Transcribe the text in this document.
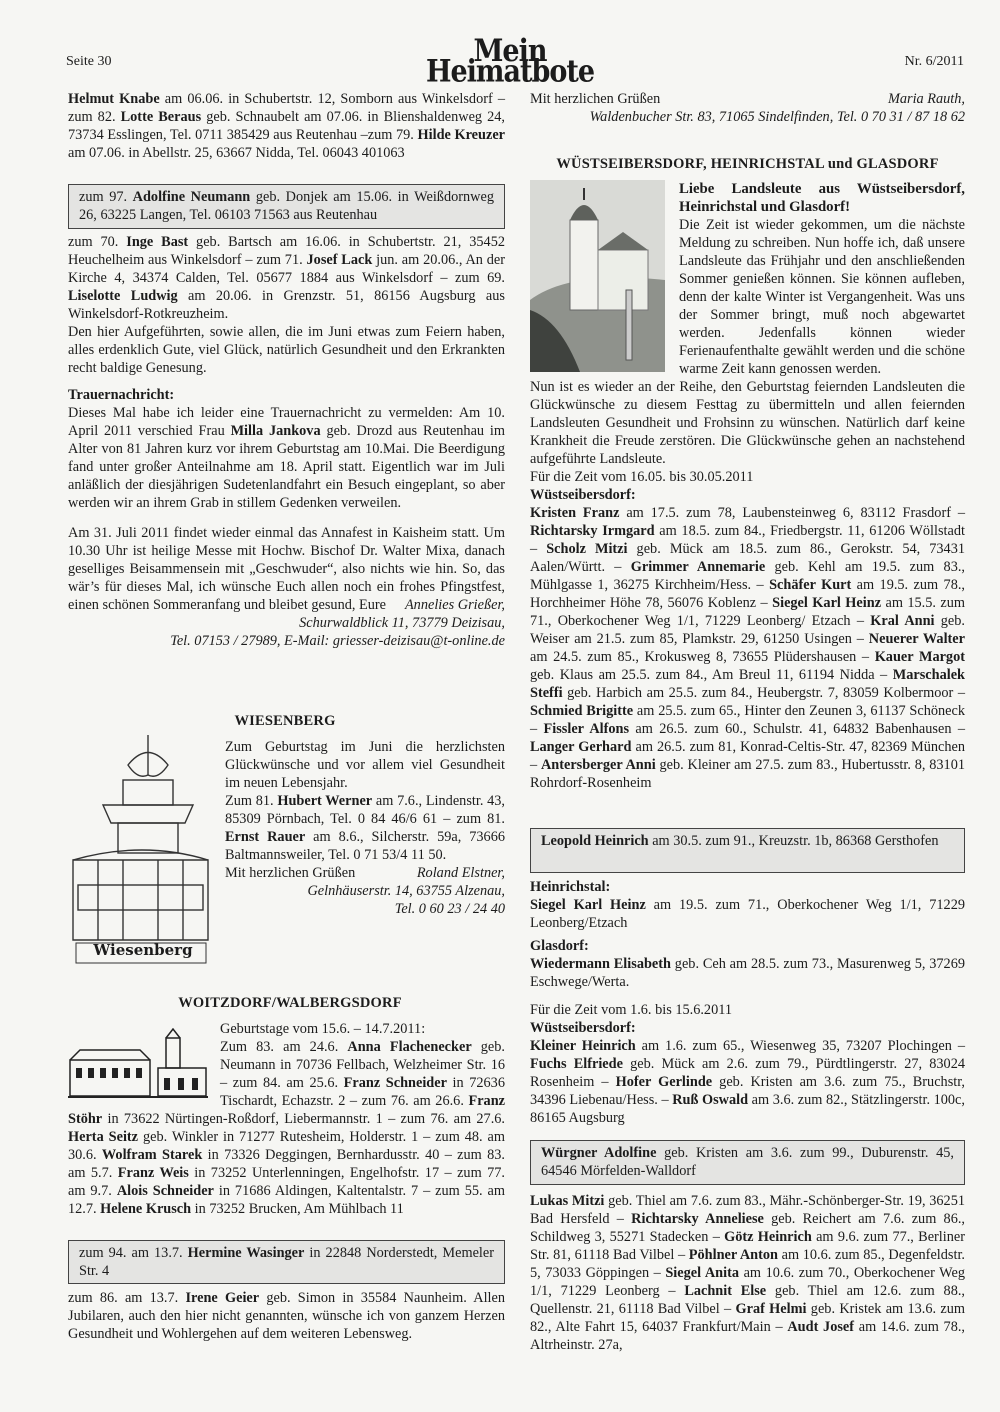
Seite 30	Mein Heimatbote	Nr. 6/2011

Helmut Knabe am 06.06. in Schubertstr. 12, Somborn aus Winkelsdorf – zum 82. Lotte Beraus geb. Schnaubelt am 07.06. in Blienshaldenweg 24, 73734 Esslingen, Tel. 0711 385429 aus Reutenhau –zum 79. Hilde Kreuzer am 07.06. in Abellstr. 25, 63667 Nidda, Tel. 06043 401063

zum 97. Adolfine Neumann geb. Donjek am 15.06. in Weißdornweg 26, 63225 Langen, Tel. 06103 71563 aus Reutenhau

zum 70. Inge Bast geb. Bartsch am 16.06. in Schubertstr. 21, 35452 Heuchelheim aus Winkelsdorf – zum 71. Josef Lack jun. am 20.06., An der Kirche 4, 34374 Calden, Tel. 05677 1884 aus Winkelsdorf – zum 69. Liselotte Ludwig am 20.06. in Grenzstr. 51, 86156 Augsburg aus Winkelsdorf-Rotkreuzheim.

Den hier Aufgeführten, sowie allen, die im Juni etwas zum Feiern haben, alles erdenklich Gute, viel Glück, natürlich Gesundheit und den Erkrankten recht baldige Genesung.

Trauernachricht:

Dieses Mal habe ich leider eine Trauernachricht zu vermelden: Am 10. April 2011 verschied Frau Milla Jankova geb. Drozd aus Reutenhau im Alter von 81 Jahren kurz vor ihrem Geburtstag am 10.Mai. Die Beerdigung fand unter großer Anteilnahme am 18. April statt. Eigentlich war im Juli anläßlich der diesjährigen Sudetenlandfahrt ein Besuch eingeplant, so aber werden wir an ihrem Grab in stillem Gedenken verweilen.

Am 31. Juli 2011 findet wieder einmal das Annafest in Kaisheim statt. Um 10.30 Uhr ist heilige Messe mit Hochw. Bischof Dr. Walter Mixa, danach geselliges Beisammensein mit „Geschwuder“, also nichts wie hin. So, das wär’s für dieses Mal, ich wünsche Euch allen noch ein frohes Pfingstfest, einen schönen Sommeranfang und bleibet gesund, Eure Annelies Grießer,

Schurwaldblick 11, 73779 Deizisau,

Tel. 07153 / 27989, E-Mail: griesser-deizisau@t-online.de

WIESENBERG
Wiesenberg

Zum Geburtstag im Juni die herzlichsten Glückwünsche und vor allem viel Gesundheit im neuen Lebensjahr.

Zum 81. Hubert Werner am 7.6., Lindenstr. 43, 85309 Pörnbach, Tel. 0 84 46/6 61 – zum 81. Ernst Rauer am 8.6., Silcherstr. 59a, 73666 Baltmannsweiler, Tel. 0 71 53/4 11 50.

Mit herzlichen Grüßen	Roland Elstner,

Gelnhäuserstr. 14, 63755 Alzenau,

Tel. 0 60 23 / 24 40

WOITZDORF/WALBERGSDORF

Geburtstage vom 15.6. – 14.7.2011:

Zum 83. am 24.6. Anna Flachenecker geb. Neumann in 70736 Fellbach, Welzheimer Str. 16 – zum 84. am 25.6. Franz Schneider in 72636 Tischardt, Echazstr. 2 – zum 76. am 26.6. Franz Stöhr in 73622 Nürtingen-Roßdorf, Liebermannstr. 1 – zum 76. am 27.6. Herta Seitz geb. Winkler in 71277 Rutesheim, Holderstr. 1 – zum 48. am 30.6. Wolfram Starek in 73326 Deggingen, Bernhardusstr. 40 – zum 83. am 5.7. Franz Weis in 73252 Unterlenningen, Engelhofstr. 17 – zum 77. am 9.7. Alois Schneider in 71686 Aldingen, Kaltentalstr. 7 – zum 55. am 12.7. Helene Krusch in 73252 Brucken, Am Mühlbach 11

zum 94. am 13.7. Hermine Wasinger in 22848 Norderstedt, Memeler Str. 4

zum 86. am 13.7. Irene Geier geb. Simon in 35584 Naunheim. Allen Jubilaren, auch den hier nicht genannten, wünsche ich von ganzem Herzen Gesundheit und Wohlergehen auf dem weiteren Lebensweg.

Mit herzlichen Grüßen	Maria Rauth,

Waldenbucher Str. 83, 71065 Sindelfinden, Tel. 0 70 31 / 87 18 62

WÜSTSEIBERSDORF, HEINRICHSTAL und GLASDORF

Liebe Landsleute aus Wüstseibersdorf, Heinrichstal und Glasdorf!

Die Zeit ist wieder gekommen, um die nächste Meldung zu schreiben. Nun hoffe ich, daß unsere Landsleute das Frühjahr und den anschließenden Sommer genießen können. Sie können aufleben, denn der kalte Winter ist Vergangenheit. Was uns der Sommer bringt, muß noch abgewartet werden. Jedenfalls können wieder Ferienaufenthalte gewählt werden und die schöne warme Zeit kann genossen werden.

Nun ist es wieder an der Reihe, den Geburtstag feiernden Landsleuten die Glückwünsche zu diesem Festtag zu übermitteln und allen feiernden Landsleuten Gesundheit und Frohsinn zu wünschen. Natürlich darf keine Krankheit die Freude zerstören. Die Glückwünsche gehen an nachstehend aufgeführte Landsleute.

Für die Zeit vom 16.05. bis 30.05.2011

Wüstseibersdorf:

Kristen Franz am 17.5. zum 78, Laubensteinweg 6, 83112 Frasdorf – Richtarsky Irmgard am 18.5. zum 84., Friedbergstr. 11, 61206 Wöllstadt – Scholz Mitzi geb. Mück am 18.5. zum 86., Gerokstr. 54, 73431 Aalen/Württ. – Grimmer Annemarie geb. Kehl am 19.5. zum 83., Mühlgasse 1, 36275 Kirchheim/Hess. – Schäfer Kurt am 19.5. zum 78., Horchheimer Höhe 78, 56076 Koblenz – Siegel Karl Heinz am 15.5. zum 71., Oberkochener Weg 1/1, 71229 Leonberg/ Etzach – Kral Anni geb. Weiser am 21.5. zum 85, Plamkstr. 29, 61250 Usingen – Neuerer Walter am 24.5. zum 85., Krokusweg 8, 73655 Plüdershausen – Kauer Margot geb. Klaus am 25.5. zum 84., Am Breul 11, 61194 Nidda – Marschalek Steffi geb. Harbich am 25.5. zum 84., Heubergstr. 7, 83059 Kolbermoor – Schmied Brigitte am 25.5. zum 65., Hinter den Zeunen 3, 61137 Schöneck – Fissler Alfons am 26.5. zum 60., Schulstr. 41, 64832 Babenhausen – Langer Gerhard am 26.5. zum 81, Konrad-Celtis-Str. 47, 82369 München – Antersberger Anni geb. Kleiner am 27.5. zum 83., Hubertusstr. 8, 83101 Rohrdorf-Rosenheim

Leopold Heinrich am 30.5. zum 91., Kreuzstr. 1b, 86368 Gersthofen

Heinrichstal:

Siegel Karl Heinz am 19.5. zum 71., Oberkochener Weg 1/1, 71229 Leonberg/Etzach

Glasdorf:

Wiedermann Elisabeth geb. Ceh am 28.5. zum 73., Masurenweg 5, 37269 Eschwege/Werta.

Für die Zeit vom 1.6. bis 15.6.2011

Wüstseibersdorf:

Kleiner Heinrich am 1.6. zum 65., Wiesenweg 35, 73207 Plochingen – Fuchs Elfriede geb. Mück am 2.6. zum 79., Pürdtlingerstr. 27, 83024 Rosenheim – Hofer Gerlinde geb. Kristen am 3.6. zum 75., Bruchstr, 34396 Liebenau/Hess. – Ruß Oswald am 3.6. zum 82., Stätzlingerstr. 100c, 86165 Augsburg

Würgner Adolfine geb. Kristen am 3.6. zum 99., Duburenstr. 45, 64546 Mörfelden-Walldorf

Lukas Mitzi geb. Thiel am 7.6. zum 83., Mähr.-Schönberger-Str. 19, 36251 Bad Hersfeld – Richtarsky Anneliese geb. Reichert am 7.6. zum 86., Schildweg 3, 55271 Stadecken – Götz Heinrich am 9.6. zum 77., Berliner Str. 81, 61118 Bad Vilbel – Pöhlner Anton am 10.6. zum 85., Degenfeldstr. 5, 73033 Göppingen – Siegel Anita am 10.6. zum 70., Oberkochener Weg 1/1, 71229 Leonberg – Lachnit Else geb. Thiel am 12.6. zum 88., Quellenstr. 21, 61118 Bad Vilbel – Graf Helmi geb. Kristek am 13.6. zum 82., Alte Fahrt 15, 64037 Frankfurt/Main – Audt Josef am 14.6. zum 78., Altrheinstr. 27a,
